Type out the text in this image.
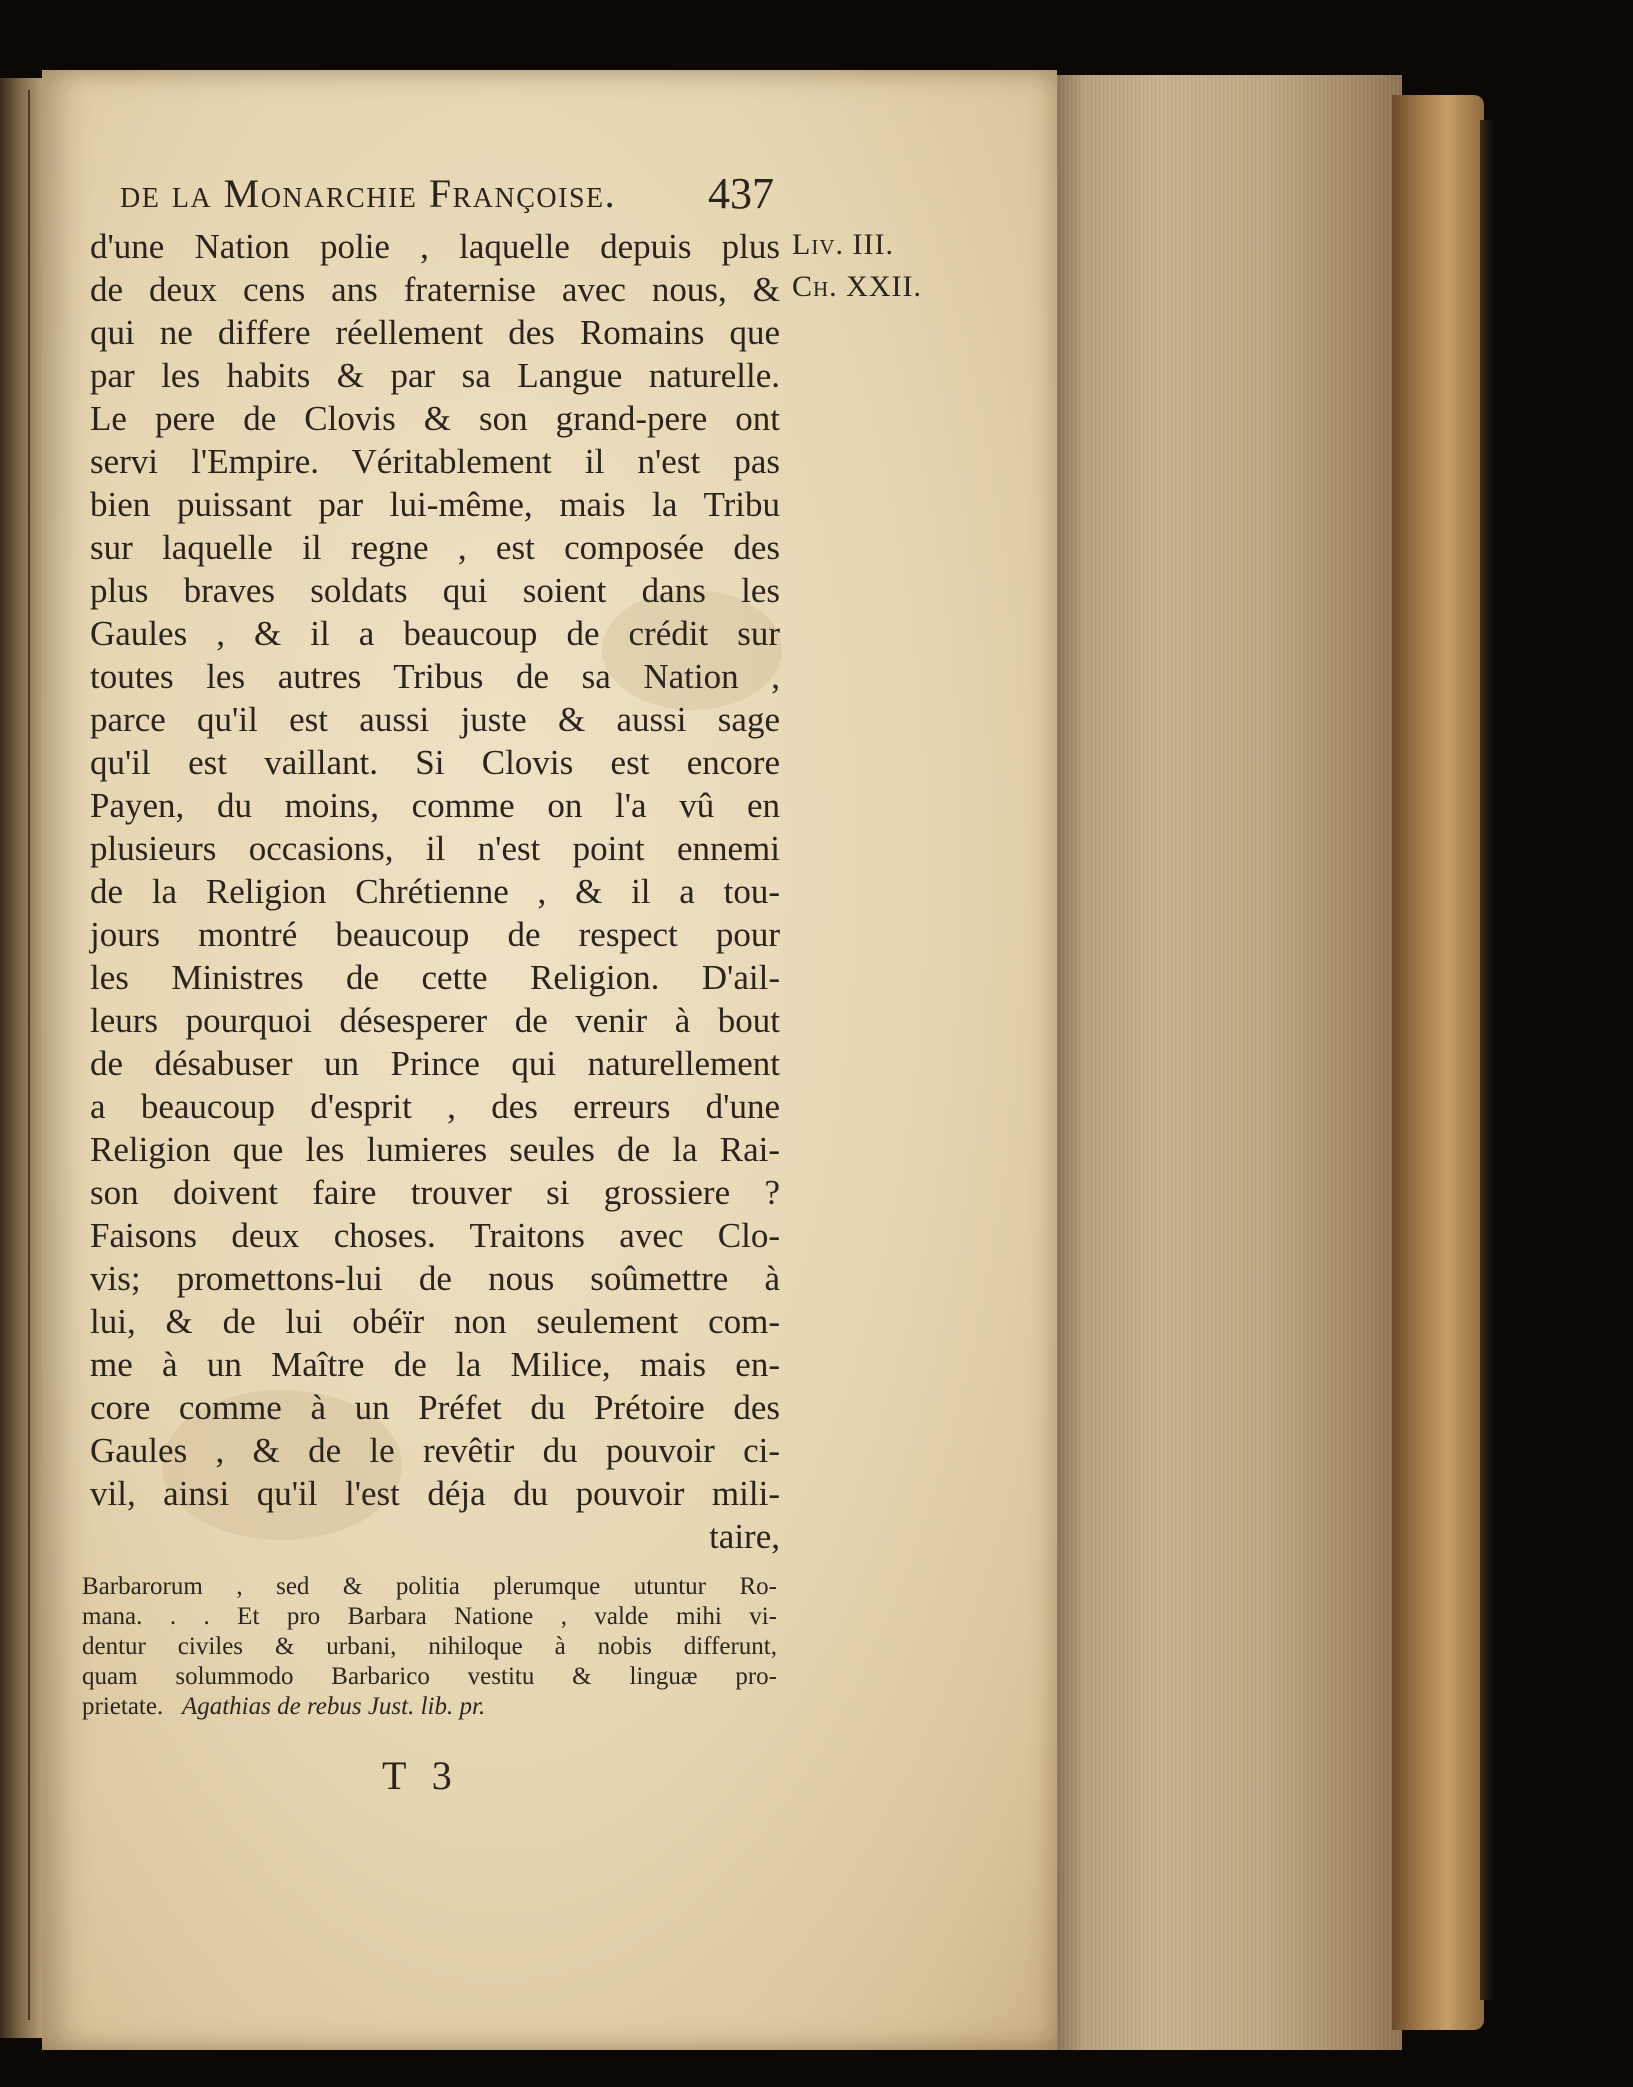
de la Monarchie Françoise. 437
Liv. III.
Ch. XXII.
d'une Nation polie , laquelle depuis plus
de deux cens ans fraternise avec nous, &
qui ne differe réellement des Romains que
par les habits & par sa Langue naturelle.
Le pere de Clovis & son grand-pere ont
servi l'Empire. Véritablement il n'est pas
bien puissant par lui-même, mais la Tribu
sur laquelle il regne , est composée des
plus braves soldats qui soient dans les
Gaules , & il a beaucoup de crédit sur
toutes les autres Tribus de sa Nation ,
parce qu'il est aussi juste & aussi sage
qu'il est vaillant. Si Clovis est encore
Payen, du moins, comme on l'a vû en
plusieurs occasions, il n'est point ennemi
de la Religion Chrétienne , & il a tou-
jours montré beaucoup de respect pour
les Ministres de cette Religion. D'ail-
leurs pourquoi désesperer de venir à bout
de désabuser un Prince qui naturellement
a beaucoup d'esprit , des erreurs d'une
Religion que les lumieres seules de la Rai-
son doivent faire trouver si grossiere ?
Faisons deux choses. Traitons avec Clo-
vis; promettons-lui de nous soûmettre à
lui, & de lui obéïr non seulement com-
me à un Maître de la Milice, mais en-
core comme à un Préfet du Prétoire des
Gaules , & de le revêtir du pouvoir ci-
vil, ainsi qu'il l'est déja du pouvoir mili-
taire,
Barbarorum , sed & politia plerumque utuntur Ro-
mana. . . Et pro Barbara Natione , valde mihi vi-
dentur civiles & urbani, nihiloque à nobis differunt,
quam solummodo Barbarico vestitu & linguæ pro-
prietate. Agathias de rebus Just. lib. pr.
T 3
